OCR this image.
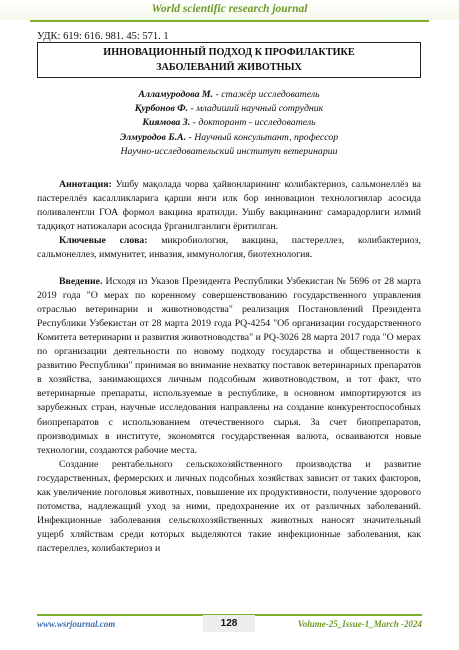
World scientific research journal
УДК: 619: 616. 981. 45: 571. 1
ИННОВАЦИОННЫЙ ПОДХОД К ПРОФИЛАКТИКЕ
ЗАБОЛЕВАНИЙ ЖИВОТНЫХ
Алламуродова М. - стажёр исследователь
Қурбонов Ф. - младиший научный сотрудник
Киямова З. - докторант - исследователь
Элмуродов Б.А. - Научный консультант, профессор
Научно-исследовательский институт ветеринарии

Аннотация: Ушбу мақолада чорва ҳайвонларининг колибактериоз, сальмонеллёз ва пастереллёз касалликларига қарши янги илк бор инновацион технологиялар асосида поливалентли ГОА формол вакцина яратилди. Ушбу вакцинанинг самарадорлиги илмий тадқиқот натижалари асосида ўрганилганлиги ёритилган.

Ключевые слова: микробиология, вакцина, пастереллез, колибактериоз, сальмонеллез, иммунитет, инвазия, иммунология, биотехнология.

Введение. Исходя из Указов Президента Республики Узбекистан № 5696 от 28 марта 2019 года "О мерах по коренному совершенствованию государственного управления отраслью ветеринарии и животноводства" реализация Постановлений Президента Республики Узбекистан от 28 марта 2019 года PQ-4254 "Об организации государственного Комитета ветеринарии и развития животноводства" и PQ-3026 28 марта 2017 года "О мерах по организации деятельности по новому подходу государства и общественности к развитию Республики" принимая во внимание нехватку поставок ветеринарных препаратов в хозяйства, занимающихся личным подсобным животноводством, и тот факт, что ветеринарные препараты, используемые в республике, в основном импортируются из зарубежных стран, научные исследования направлены на создание конкурентоспособных биопрепаратов с использованием отечественного сырья. За счет биопрепаратов, производимых в институте, экономятся государственная валюта, осваиваются новые технологии, создаются рабочие места.

Создание рентабельного сельскохозяйственного производства и развитие государственных, фермерских и личных подсобных хозяйствах зависит от таких факторов, как увеличение поголовья животных, повышение их продуктивности, получение здорового потомства, надлежащий уход за ними, предохранение их от различных заболеваний. Инфекционные заболевания сельскохозяйственных животных наносят значительный ущерб хляйствам среди которых выделяются такие инфекционные заболевания, как пастереллез, колибактериоз и

www.wsrjournal.com	128	Volume-25_Issue-1_March -2024
